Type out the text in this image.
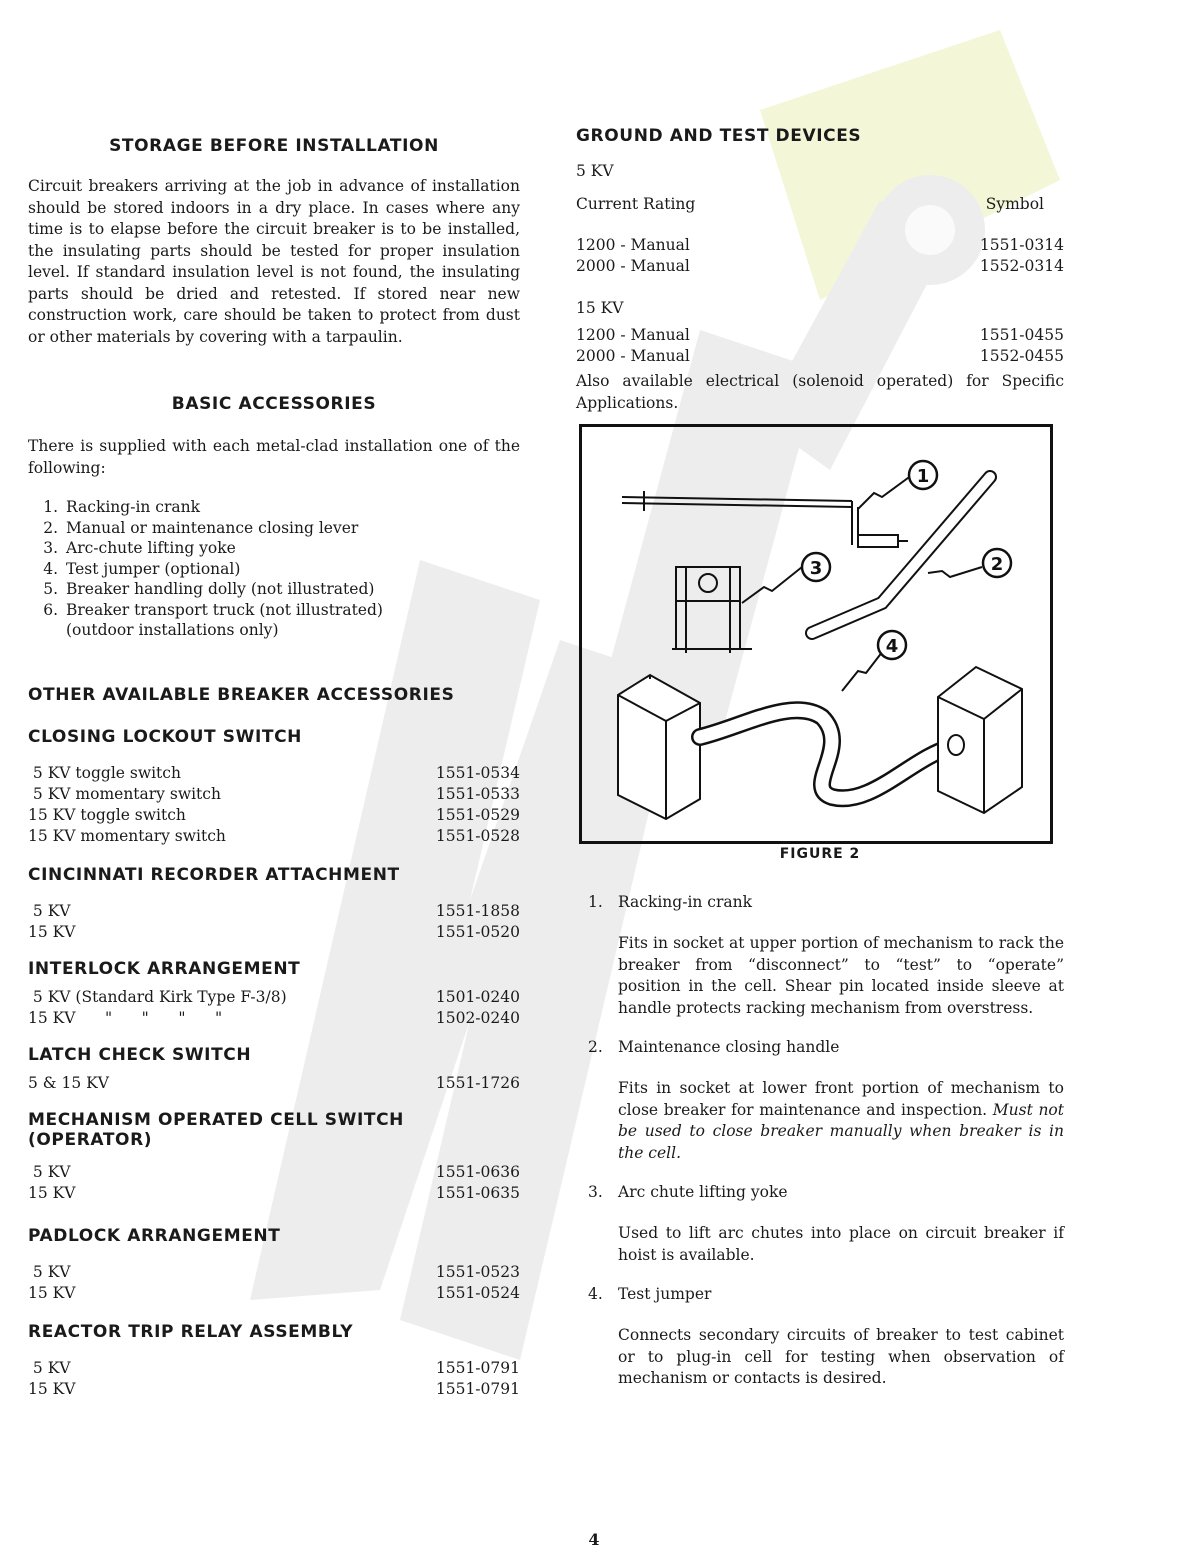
STORAGE BEFORE INSTALLATION

Circuit breakers arriving at the job in advance of installation should be stored indoors in a dry place. In cases where any time is to elapse before the circuit breaker is to be installed, the insulating parts should be tested for proper insulation level. If standard insulation level is not found, the insulating parts should be dried and retested. If stored near new construction work, care should be taken to protect from dust or other materials by covering with a tarpaulin.

BASIC ACCESSORIES

There is supplied with each metal-clad installation one of the following:

1. Racking-in crank
2. Manual or maintenance closing lever
3. Arc-chute lifting yoke
4. Test jumper (optional)
5. Breaker handling dolly (not illustrated)
6. Breaker transport truck (not illustrated)
(outdoor installations only)
OTHER AVAILABLE BREAKER ACCESSORIES
CLOSING LOCKOUT SWITCH
5 KV toggle switch	1551-0534
5 KV momentary switch	1551-0533
15 KV toggle switch	1551-0529
15 KV momentary switch	1551-0528
CINCINNATI RECORDER ATTACHMENT
5 KV	1551-1858
15 KV	1551-0520
INTERLOCK ARRANGEMENT
5 KV (Standard Kirk Type F-3/8)	1501-0240
15 KV      "      "      "      "	1502-0240
LATCH CHECK SWITCH
5 & 15 KV	1551-1726
MECHANISM OPERATED CELL SWITCH
(OPERATOR)
5 KV	1551-0636
15 KV	1551-0635
PADLOCK ARRANGEMENT
5 KV	1551-0523
15 KV	1551-0524
REACTOR TRIP RELAY ASSEMBLY
5 KV	1551-0791
15 KV	1551-0791
GROUND AND TEST DEVICES

5 KV

Current Rating	Symbol
1200 - Manual	1551-0314
2000 - Manual	1552-0314

15 KV

1200 - Manual	1551-0455
2000 - Manual	1552-0455

Also available electrical (solenoid operated) for Specific Applications.

1
2
3
4
FIGURE 2
1. Racking-in crank
Fits in socket at upper portion of mechanism to rack the breaker from “disconnect” to “test” to “operate” position in the cell. Shear pin located inside sleeve at handle protects racking mechanism from overstress.
2. Maintenance closing handle
Fits in socket at lower front portion of mechanism to close breaker for maintenance and inspection. Must not be used to close breaker manually when breaker is in the cell.
3. Arc chute lifting yoke
Used to lift arc chutes into place on circuit breaker if hoist is available.
4. Test jumper
Connects secondary circuits of breaker to test cabinet or to plug-in cell for testing when observation of mechanism or contacts is desired.
4
